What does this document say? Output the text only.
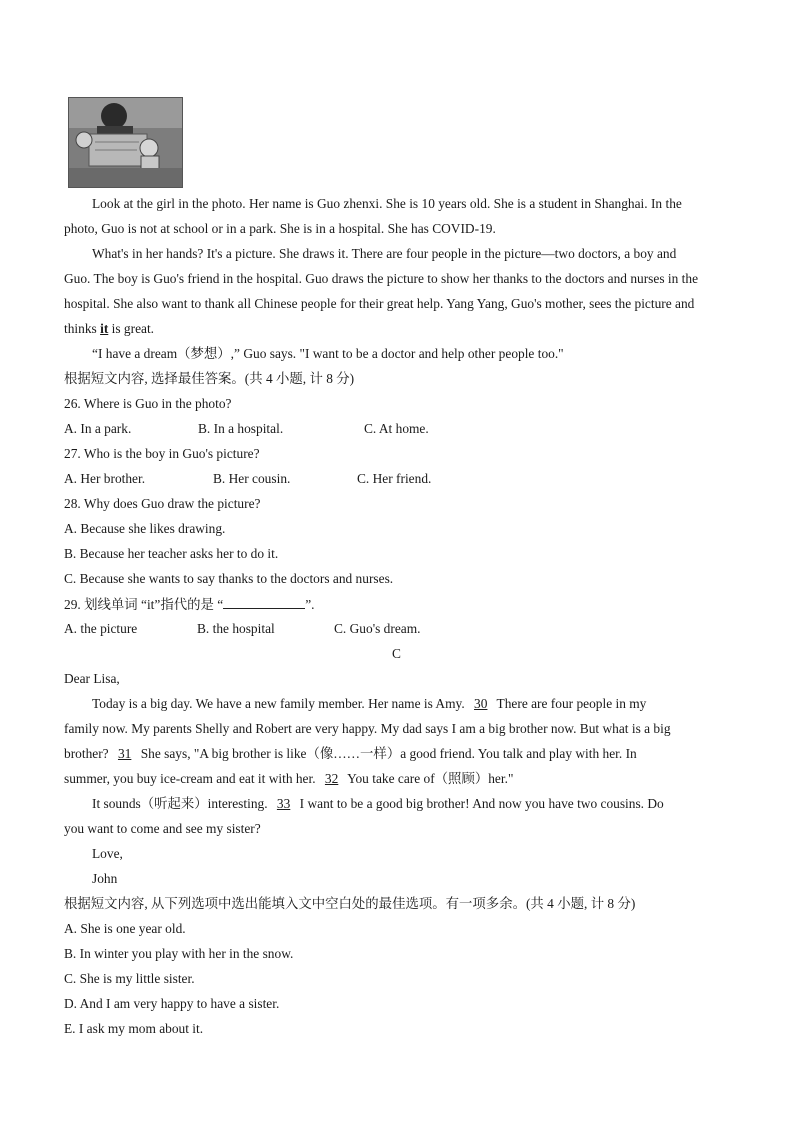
Look at the girl in the photo. Her name is Guo zhenxi. She is 10 years old. She is a student in Shanghai. In the
photo, Guo is not at school or in a park. She is in a hospital. She has COVID-19.
What's in her hands? It's a picture. She draws it. There are four people in the picture—two doctors, a boy and
Guo. The boy is Guo's friend in the hospital. Guo draws the picture to show her thanks to the doctors and nurses in the
hospital. She also want to thank all Chinese people for their great help. Yang Yang, Guo's mother, sees the picture and
thinks it is great.
“I have a dream（梦想）,” Guo says. "I want to be a doctor and help other people too."
根据短文内容, 选择最佳答案。(共 4 小题, 计 8 分)
26. Where is Guo in the photo?
A. In a park.	B. In a hospital.	C. At home.
27. Who is the boy in Guo's picture?
A. Her brother.	B. Her cousin.	C. Her friend.
28. Why does Guo draw the picture?
A. Because she likes drawing.
B. Because her teacher asks her to do it.
C. Because she wants to say thanks to the doctors and nurses.
29. 划线单词 “it”指代的是 “	”.
A. the picture	B. the hospital	C. Guo's dream.
C
Dear Lisa,
Today is a big day. We have a new family member. Her name is Amy. 30 There are four people in my
family now. My parents Shelly and Robert are very happy. My dad says I am a big brother now. But what is a big
brother? 31 She says, "A big brother is like（像……一样）a good friend. You talk and play with her. In
summer, you buy ice-cream and eat it with her. 32 You take care of（照顾）her."
It sounds（听起来）interesting. 33 I want to be a good big brother! And now you have two cousins. Do
you want to come and see my sister?
Love,
John
根据短文内容, 从下列选项中选出能填入文中空白处的最佳选项。有一项多余。(共 4 小题, 计 8 分)
A. She is one year old.
B. In winter you play with her in the snow.
C. She is my little sister.
D. And I am very happy to have a sister.
E. I ask my mom about it.
